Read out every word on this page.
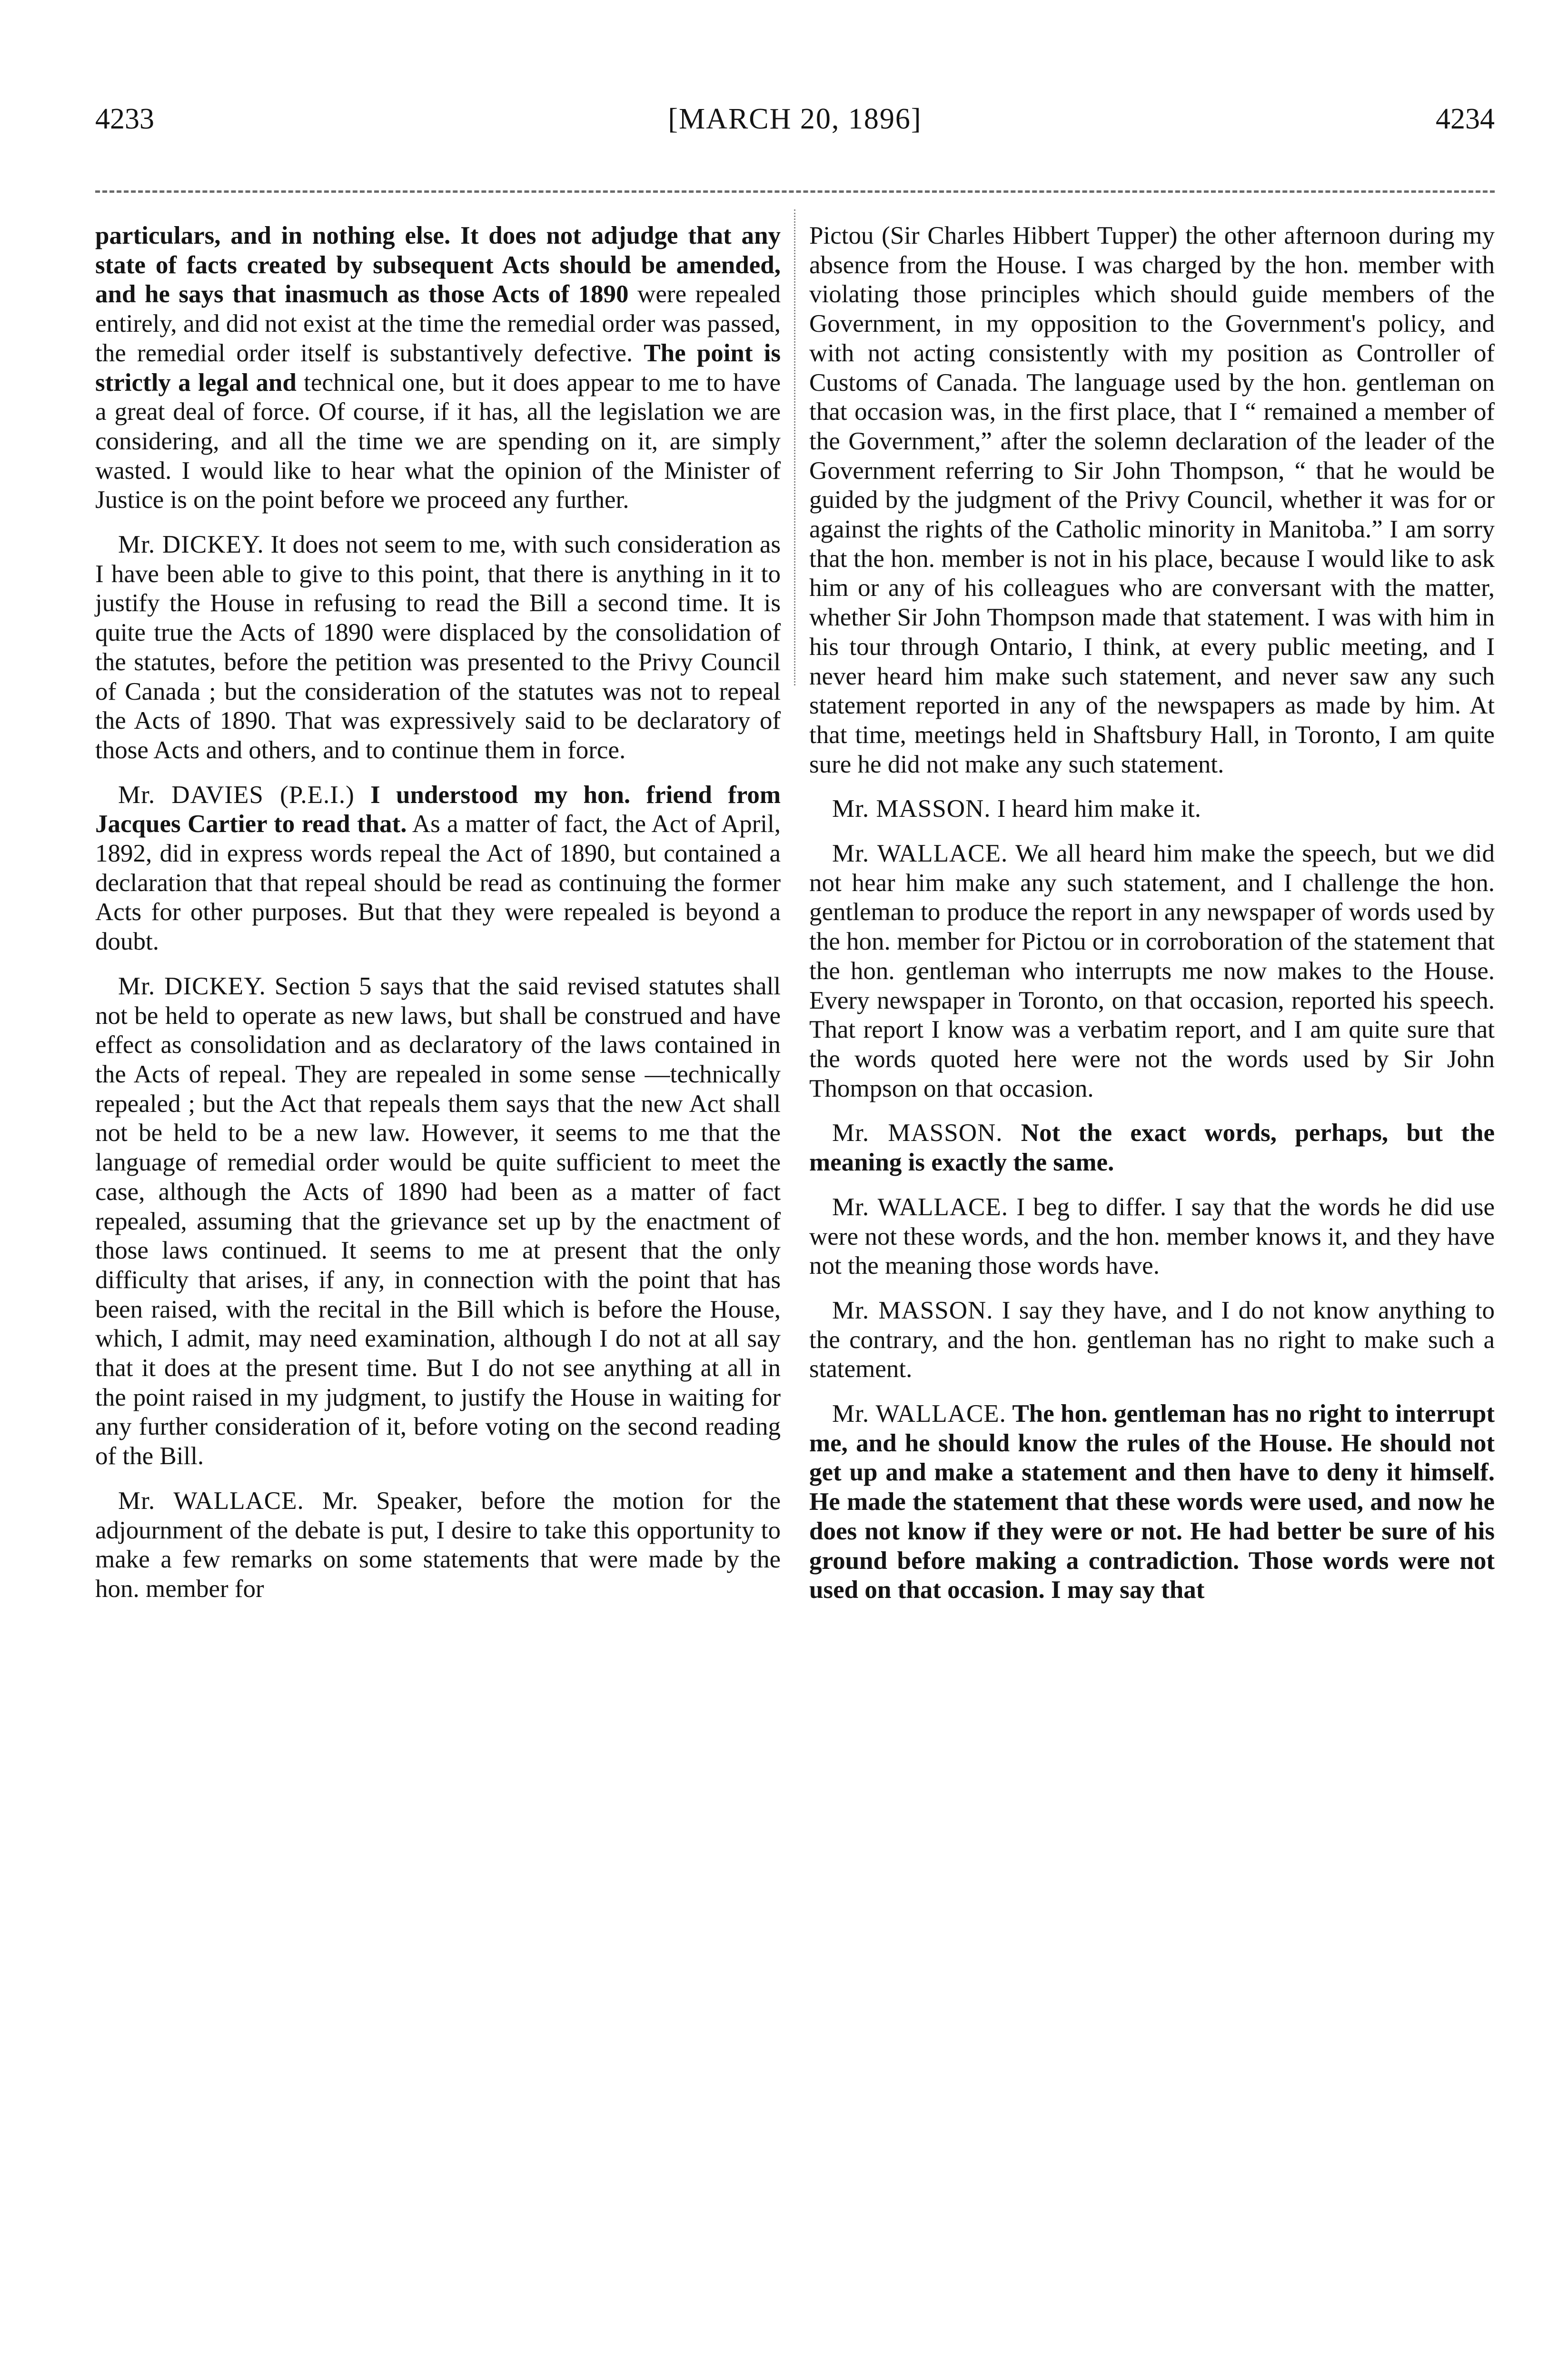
4233	[MARCH 20, 1896]	4234

particulars, and in nothing else. It does not adjudge that any state of facts created by subsequent Acts should be amended, and he says that inasmuch as those Acts of 1890 were repealed entirely, and did not exist at the time the remedial order was passed, the remedial order itself is substantively defective. The point is strictly a legal and technical one, but it does appear to me to have a great deal of force. Of course, if it has, all the legislation we are considering, and all the time we are spending on it, are simply wasted. I would like to hear what the opinion of the Minister of Justice is on the point before we proceed any further.

Mr. DICKEY. It does not seem to me, with such consideration as I have been able to give to this point, that there is anything in it to justify the House in refusing to read the Bill a second time. It is quite true the Acts of 1890 were displaced by the consolidation of the statutes, before the petition was presented to the Privy Council of Canada ; but the consideration of the statutes was not to repeal the Acts of 1890. That was expressively said to be declaratory of those Acts and others, and to continue them in force.

Mr. DAVIES (P.E.I.) I understood my hon. friend from Jacques Cartier to read that. As a matter of fact, the Act of April, 1892, did in express words repeal the Act of 1890, but contained a declaration that that repeal should be read as continuing the former Acts for other purposes. But that they were repealed is beyond a doubt.

Mr. DICKEY. Section 5 says that the said revised statutes shall not be held to operate as new laws, but shall be construed and have effect as consolidation and as declaratory of the laws contained in the Acts of repeal. They are repealed in some sense —technically repealed ; but the Act that repeals them says that the new Act shall not be held to be a new law. However, it seems to me that the language of remedial order would be quite sufficient to meet the case, although the Acts of 1890 had been as a matter of fact repealed, assuming that the grievance set up by the enactment of those laws continued. It seems to me at present that the only difficulty that arises, if any, in connection with the point that has been raised, with the recital in the Bill which is before the House, which, I admit, may need examination, although I do not at all say that it does at the present time. But I do not see anything at all in the point raised in my judgment, to justify the House in waiting for any further consideration of it, before voting on the second reading of the Bill.

Mr. WALLACE. Mr. Speaker, before the motion for the adjournment of the debate is put, I desire to take this opportunity to make a few remarks on some statements that were made by the hon. member for

Pictou (Sir Charles Hibbert Tupper) the other afternoon during my absence from the House. I was charged by the hon. member with violating those principles which should guide members of the Government, in my opposition to the Government's policy, and with not acting consistently with my position as Controller of Customs of Canada. The language used by the hon. gentleman on that occasion was, in the first place, that I “ remained a member of the Government,” after the solemn declaration of the leader of the Government referring to Sir John Thompson, “ that he would be guided by the judgment of the Privy Council, whether it was for or against the rights of the Catholic minority in Manitoba.” I am sorry that the hon. member is not in his place, because I would like to ask him or any of his colleagues who are conversant with the matter, whether Sir John Thompson made that statement. I was with him in his tour through Ontario, I think, at every public meeting, and I never heard him make such statement, and never saw any such statement reported in any of the newspapers as made by him. At that time, meetings held in Shaftsbury Hall, in Toronto, I am quite sure he did not make any such statement.

Mr. MASSON. I heard him make it.

Mr. WALLACE. We all heard him make the speech, but we did not hear him make any such statement, and I challenge the hon. gentleman to produce the report in any newspaper of words used by the hon. member for Pictou or in corroboration of the statement that the hon. gentleman who interrupts me now makes to the House. Every newspaper in Toronto, on that occasion, reported his speech. That report I know was a verbatim report, and I am quite sure that the words quoted here were not the words used by Sir John Thompson on that occasion.

Mr. MASSON. Not the exact words, perhaps, but the meaning is exactly the same.

Mr. WALLACE. I beg to differ. I say that the words he did use were not these words, and the hon. member knows it, and they have not the meaning those words have.

Mr. MASSON. I say they have, and I do not know anything to the contrary, and the hon. gentleman has no right to make such a statement.

Mr. WALLACE. The hon. gentleman has no right to interrupt me, and he should know the rules of the House. He should not get up and make a statement and then have to deny it himself. He made the statement that these words were used, and now he does not know if they were or not. He had better be sure of his ground before making a contradiction. Those words were not used on that occasion. I may say that
